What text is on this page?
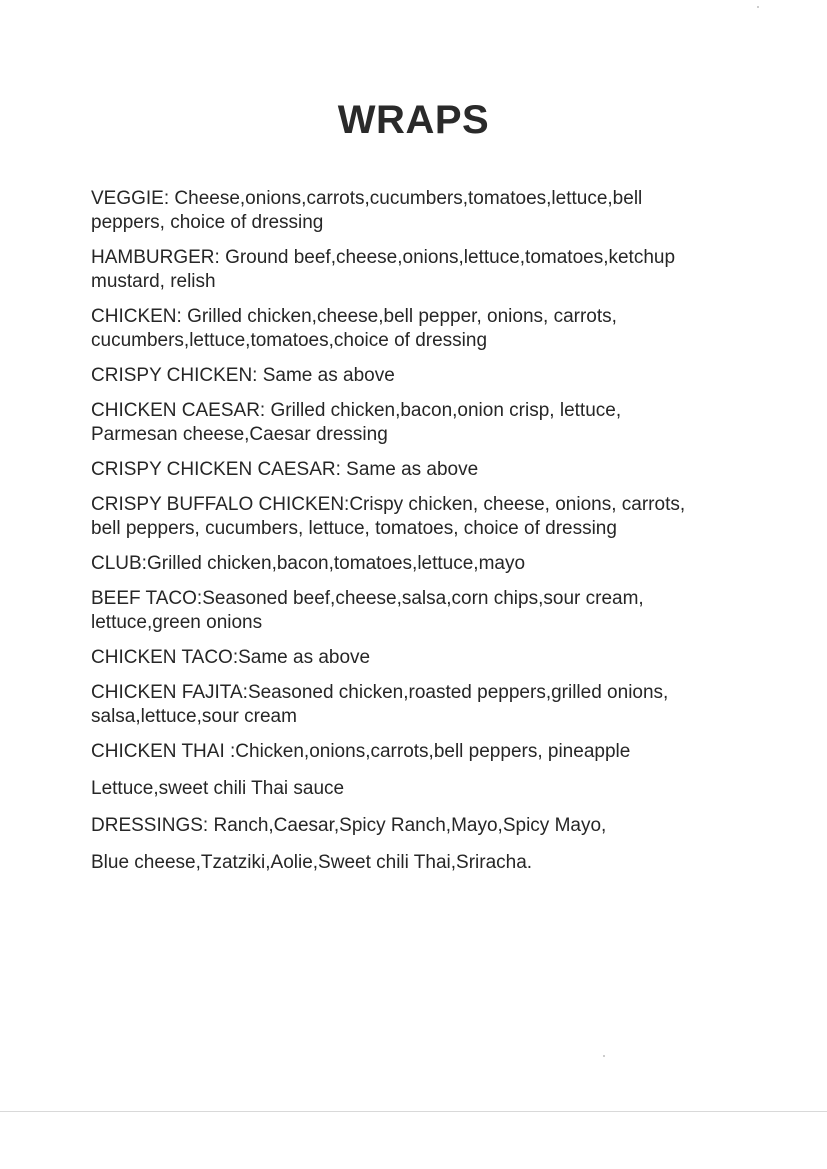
WRAPS
VEGGIE: Cheese,onions,carrots,cucumbers,tomatoes,lettuce,bell
peppers, choice of dressing
HAMBURGER: Ground beef,cheese,onions,lettuce,tomatoes,ketchup
mustard, relish
CHICKEN: Grilled chicken,cheese,bell pepper, onions, carrots,
cucumbers,lettuce,tomatoes,choice of dressing
CRISPY CHICKEN: Same as above
CHICKEN CAESAR: Grilled chicken,bacon,onion crisp, lettuce,
Parmesan cheese,Caesar dressing
CRISPY CHICKEN CAESAR: Same as above
CRISPY BUFFALO CHICKEN:Crispy chicken, cheese, onions, carrots,
bell peppers, cucumbers, lettuce, tomatoes, choice of dressing
CLUB:Grilled chicken,bacon,tomatoes,lettuce,mayo
BEEF TACO:Seasoned beef,cheese,salsa,corn chips,sour cream,
lettuce,green onions
CHICKEN TACO:Same as above
CHICKEN FAJITA:Seasoned chicken,roasted peppers,grilled onions,
salsa,lettuce,sour cream
CHICKEN THAI :Chicken,onions,carrots,bell peppers, pineapple
Lettuce,sweet chili Thai sauce
DRESSINGS: Ranch,Caesar,Spicy Ranch,Mayo,Spicy Mayo,
Blue cheese,Tzatziki,Aolie,Sweet chili Thai,Sriracha.
